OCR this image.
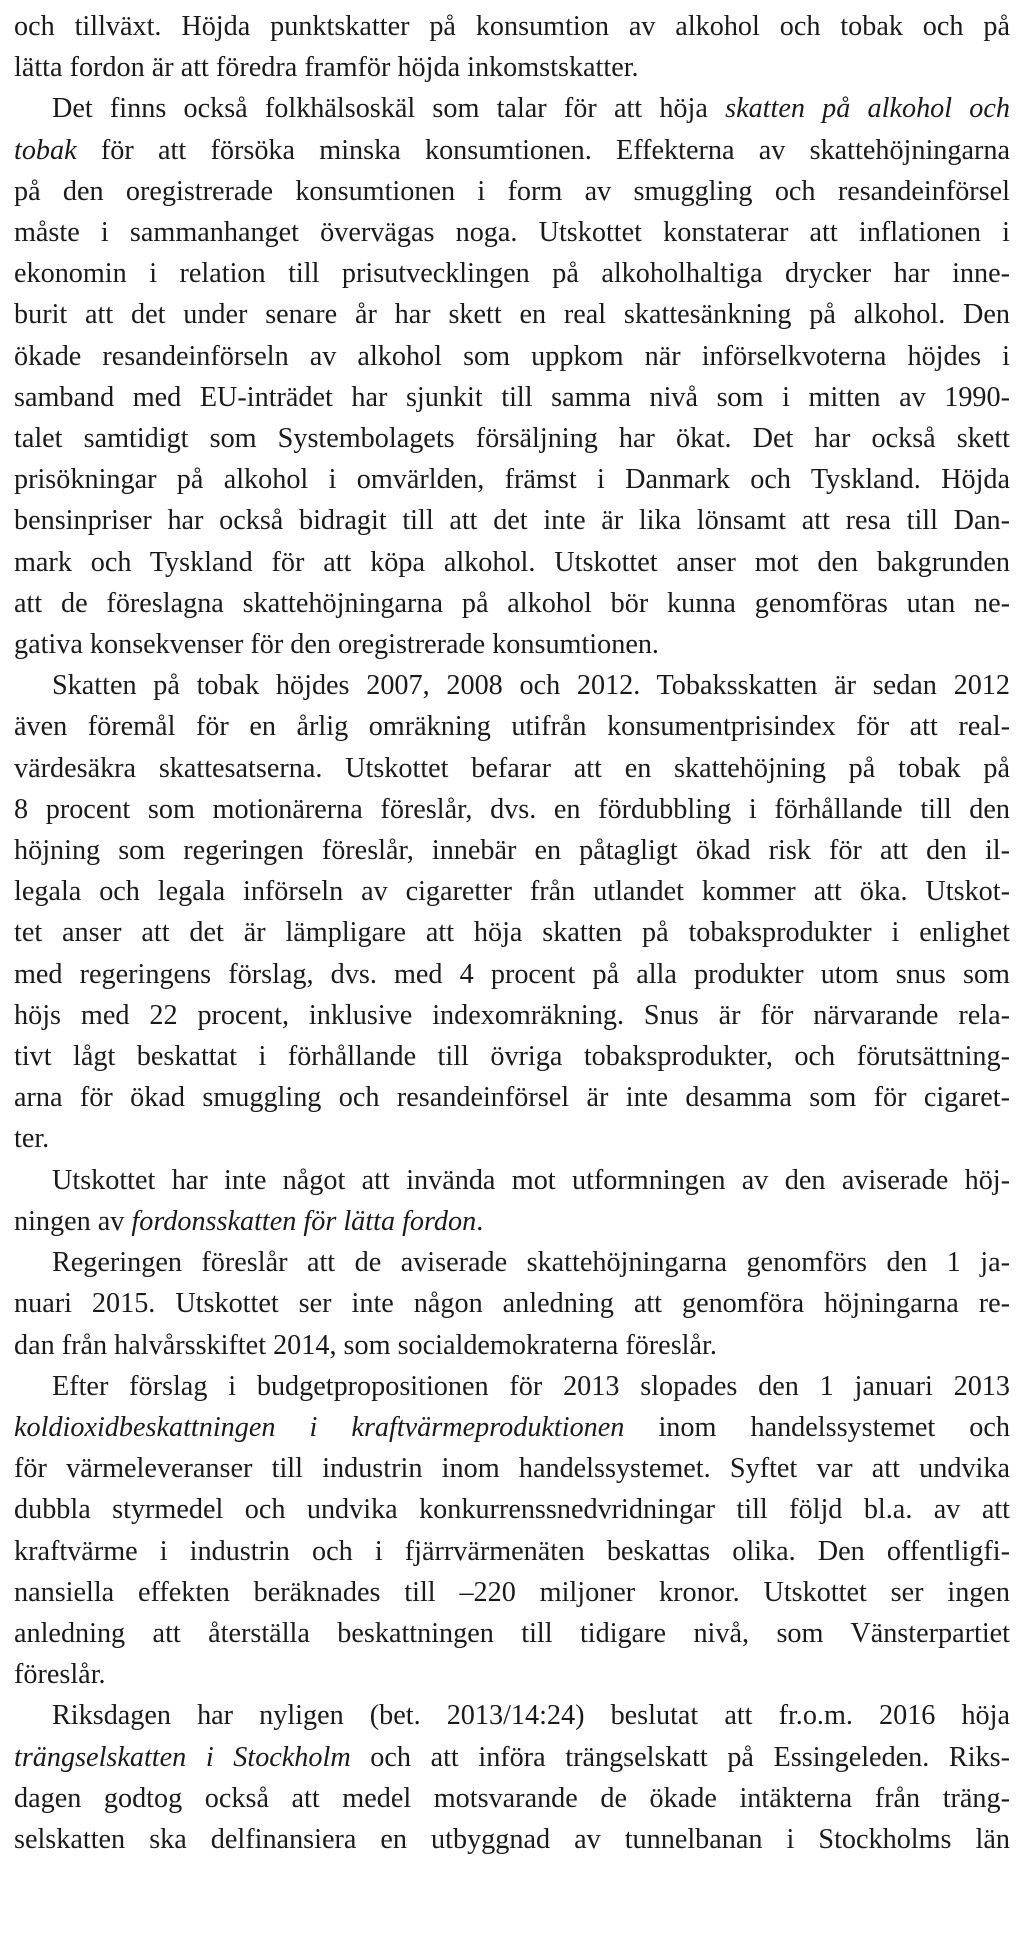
och tillväxt. Höjda punktskatter på konsumtion av alkohol och tobak och på
lätta fordon är att föredra framför höjda inkomstskatter.
Det finns också folkhälsoskäl som talar för att höja skatten på alkohol och
tobak för att försöka minska konsumtionen. Effekterna av skattehöjningarna
på den oregistrerade konsumtionen i form av smuggling och resandeinförsel
måste i sammanhanget övervägas noga. Utskottet konstaterar att inflationen i
ekonomin i relation till prisutvecklingen på alkoholhaltiga drycker har inne-
burit att det under senare år har skett en real skattesänkning på alkohol. Den
ökade resandeinförseln av alkohol som uppkom när införselkvoterna höjdes i
samband med EU-inträdet har sjunkit till samma nivå som i mitten av 1990-
talet samtidigt som Systembolagets försäljning har ökat. Det har också skett
prisökningar på alkohol i omvärlden, främst i Danmark och Tyskland. Höjda
bensinpriser har också bidragit till att det inte är lika lönsamt att resa till Dan-
mark och Tyskland för att köpa alkohol. Utskottet anser mot den bakgrunden
att de föreslagna skattehöjningarna på alkohol bör kunna genomföras utan ne-
gativa konsekvenser för den oregistrerade konsumtionen.
Skatten på tobak höjdes 2007, 2008 och 2012. Tobaksskatten är sedan 2012
även föremål för en årlig omräkning utifrån konsumentprisindex för att real-
värdesäkra skattesatserna. Utskottet befarar att en skattehöjning på tobak på
8 procent som motionärerna föreslår, dvs. en fördubbling i förhållande till den
höjning som regeringen föreslår, innebär en påtagligt ökad risk för att den il-
legala och legala införseln av cigaretter från utlandet kommer att öka. Utskot-
tet anser att det är lämpligare att höja skatten på tobaksprodukter i enlighet
med regeringens förslag, dvs. med 4 procent på alla produkter utom snus som
höjs med 22 procent, inklusive indexomräkning. Snus är för närvarande rela-
tivt lågt beskattat i förhållande till övriga tobaksprodukter, och förutsättning-
arna för ökad smuggling och resandeinförsel är inte desamma som för cigaret-
ter.
Utskottet har inte något att invända mot utformningen av den aviserade höj-
ningen av fordonsskatten för lätta fordon.
Regeringen föreslår att de aviserade skattehöjningarna genomförs den 1 ja-
nuari 2015. Utskottet ser inte någon anledning att genomföra höjningarna re-
dan från halvårsskiftet 2014, som socialdemokraterna föreslår.
Efter förslag i budgetpropositionen för 2013 slopades den 1 januari 2013
koldioxidbeskattningen i kraftvärmeproduktionen inom handelssystemet och
för värmeleveranser till industrin inom handelssystemet. Syftet var att undvika
dubbla styrmedel och undvika konkurrenssnedvridningar till följd bl.a. av att
kraftvärme i industrin och i fjärrvärmenäten beskattas olika. Den offentligfi-
nansiella effekten beräknades till –220 miljoner kronor. Utskottet ser ingen
anledning att återställa beskattningen till tidigare nivå, som Vänsterpartiet
föreslår.
Riksdagen har nyligen (bet. 2013/14:24) beslutat att fr.o.m. 2016 höja
trängselskatten i Stockholm och att införa trängselskatt på Essingeleden. Riks-
dagen godtog också att medel motsvarande de ökade intäkterna från träng-
selskatten ska delfinansiera en utbyggnad av tunnelbanan i Stockholms län
